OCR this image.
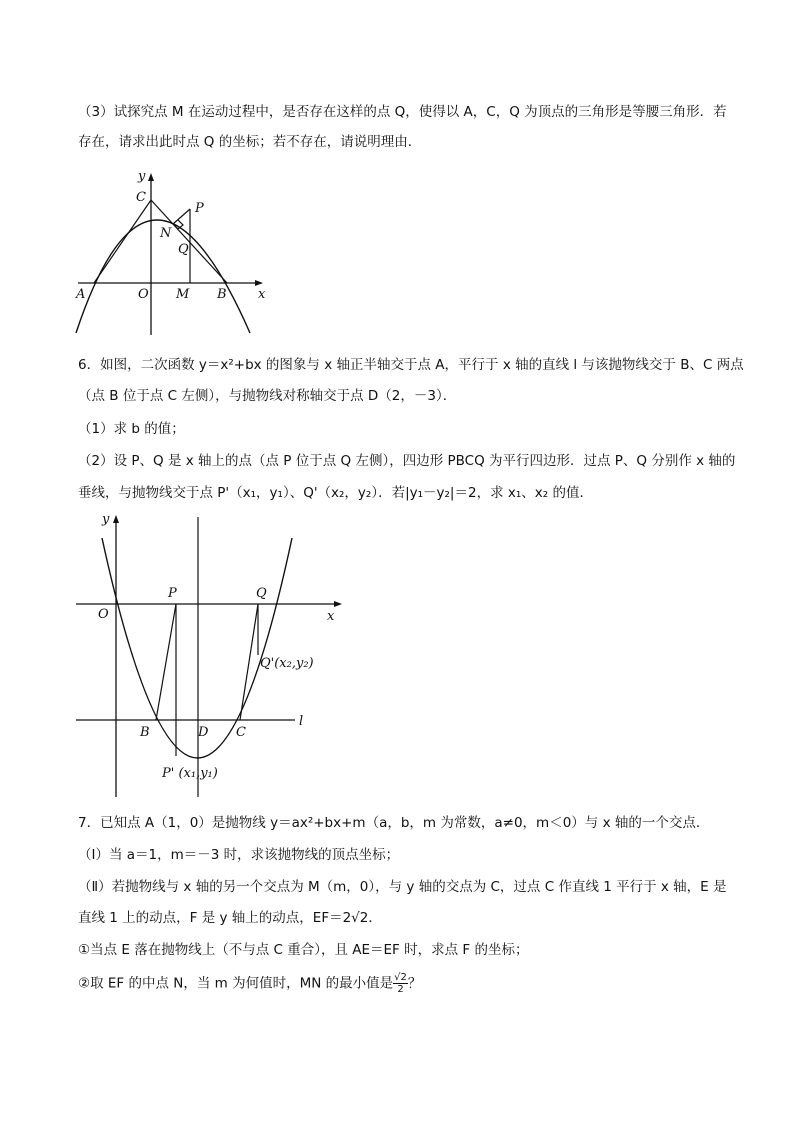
（3）试探究点 M 在运动过程中，是否存在这样的点 Q，使得以 A，C，Q 为顶点的三角形是等腰三角形．若
存在，请求出此时点 Q 的坐标；若不存在，请说明理由．
y
C
P
N
Q
A	O M B x
6．如图，二次函数 y＝x²+bx 的图象与 x 轴正半轴交于点 A，平行于 x 轴的直线 l 与该抛物线交于 B、C 两点
（点 B 位于点 C 左侧），与抛物线对称轴交于点 D（2，－3）．
（1）求 b 的值；
（2）设 P、Q 是 x 轴上的点（点 P 位于点 Q 左侧），四边形 PBCQ 为平行四边形．过点 P、Q 分别作 x 轴的
垂线，与抛物线交于点 P'（x₁，y₁）、Q'（x₂，y₂）．若|y₁－y₂|＝2，求 x₁、x₂ 的值．
y
P	Q
O	x
Q'(x₂,y₂)
B	D C
l
P' (x₁,y₁)
7．已知点 A（1，0）是抛物线 y＝ax²+bx+m（a，b，m 为常数，a≠0，m＜0）与 x 轴的一个交点．
（Ⅰ）当 a＝1，m＝－3 时，求该抛物线的顶点坐标；
（Ⅱ）若抛物线与 x 轴的另一个交点为 M（m，0），与 y 轴的交点为 C，过点 C 作直线 1 平行于 x 轴，E 是
直线 1 上的动点，F 是 y 轴上的动点，EF＝2√2．
①当点 E 落在抛物线上（不与点 C 重合），且 AE＝EF 时，求点 F 的坐标；
②取 EF 的中点 N，当 m 为何值时，MN 的最小值是 $\frac{√2}{2}$ ？
